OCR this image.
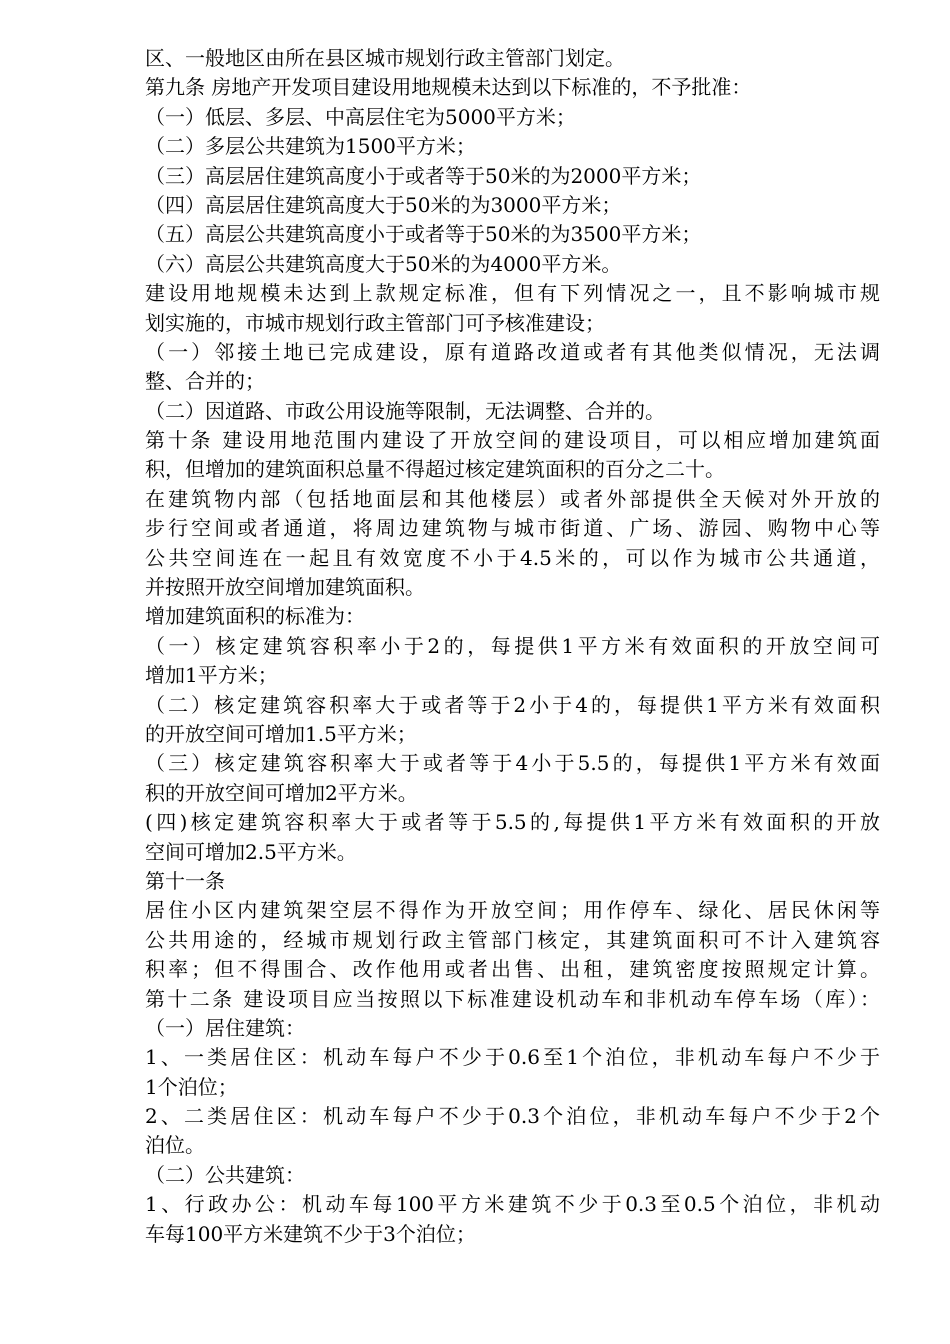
区、一般地区由所在县区城市规划行政主管部门划定。
第九条 房地产开发项目建设用地规模未达到以下标准的，不予批准：
（一）低层、多层、中高层住宅为5000平方米；
（二）多层公共建筑为1500平方米；
（三）高层居住建筑高度小于或者等于50米的为2000平方米；
（四）高层居住建筑高度大于50米的为3000平方米；
（五）高层公共建筑高度小于或者等于50米的为3500平方米；
（六）高层公共建筑高度大于50米的为4000平方米。
建设用地规模未达到上款规定标准，但有下列情况之一，且不影响城市规
划实施的，市城市规划行政主管部门可予核准建设；
（一）邻接土地已完成建设，原有道路改道或者有其他类似情况，无法调
整、合并的；
（二）因道路、市政公用设施等限制，无法调整、合并的。
第十条 建设用地范围内建设了开放空间的建设项目，可以相应增加建筑面
积，但增加的建筑面积总量不得超过核定建筑面积的百分之二十。
在建筑物内部（包括地面层和其他楼层）或者外部提供全天候对外开放的
步行空间或者通道，将周边建筑物与城市街道、广场、游园、购物中心等
公共空间连在一起且有效宽度不小于4.5米的，可以作为城市公共通道，
并按照开放空间增加建筑面积。
增加建筑面积的标准为：
（一）核定建筑容积率小于2的，每提供1平方米有效面积的开放空间可
增加1平方米；
（二）核定建筑容积率大于或者等于2小于4的，每提供1平方米有效面积
的开放空间可增加1.5平方米；
（三）核定建筑容积率大于或者等于4小于5.5的，每提供1平方米有效面
积的开放空间可增加2平方米。
(四)核定建筑容积率大于或者等于5.5的,每提供1平方米有效面积的开放
空间可增加2.5平方米。
第十一条
居住小区内建筑架空层不得作为开放空间；用作停车、绿化、居民休闲等
公共用途的，经城市规划行政主管部门核定，其建筑面积可不计入建筑容
积率；但不得围合、改作他用或者出售、出租，建筑密度按照规定计算。
第十二条 建设项目应当按照以下标准建设机动车和非机动车停车场（库）：
（一）居住建筑：
1、一类居住区：机动车每户不少于0.6至1个泊位，非机动车每户不少于
1个泊位；
2、二类居住区：机动车每户不少于0.3个泊位，非机动车每户不少于2个
泊位。
（二）公共建筑：
1、行政办公：机动车每100平方米建筑不少于0.3至0.5个泊位，非机动
车每100平方米建筑不少于3个泊位；
